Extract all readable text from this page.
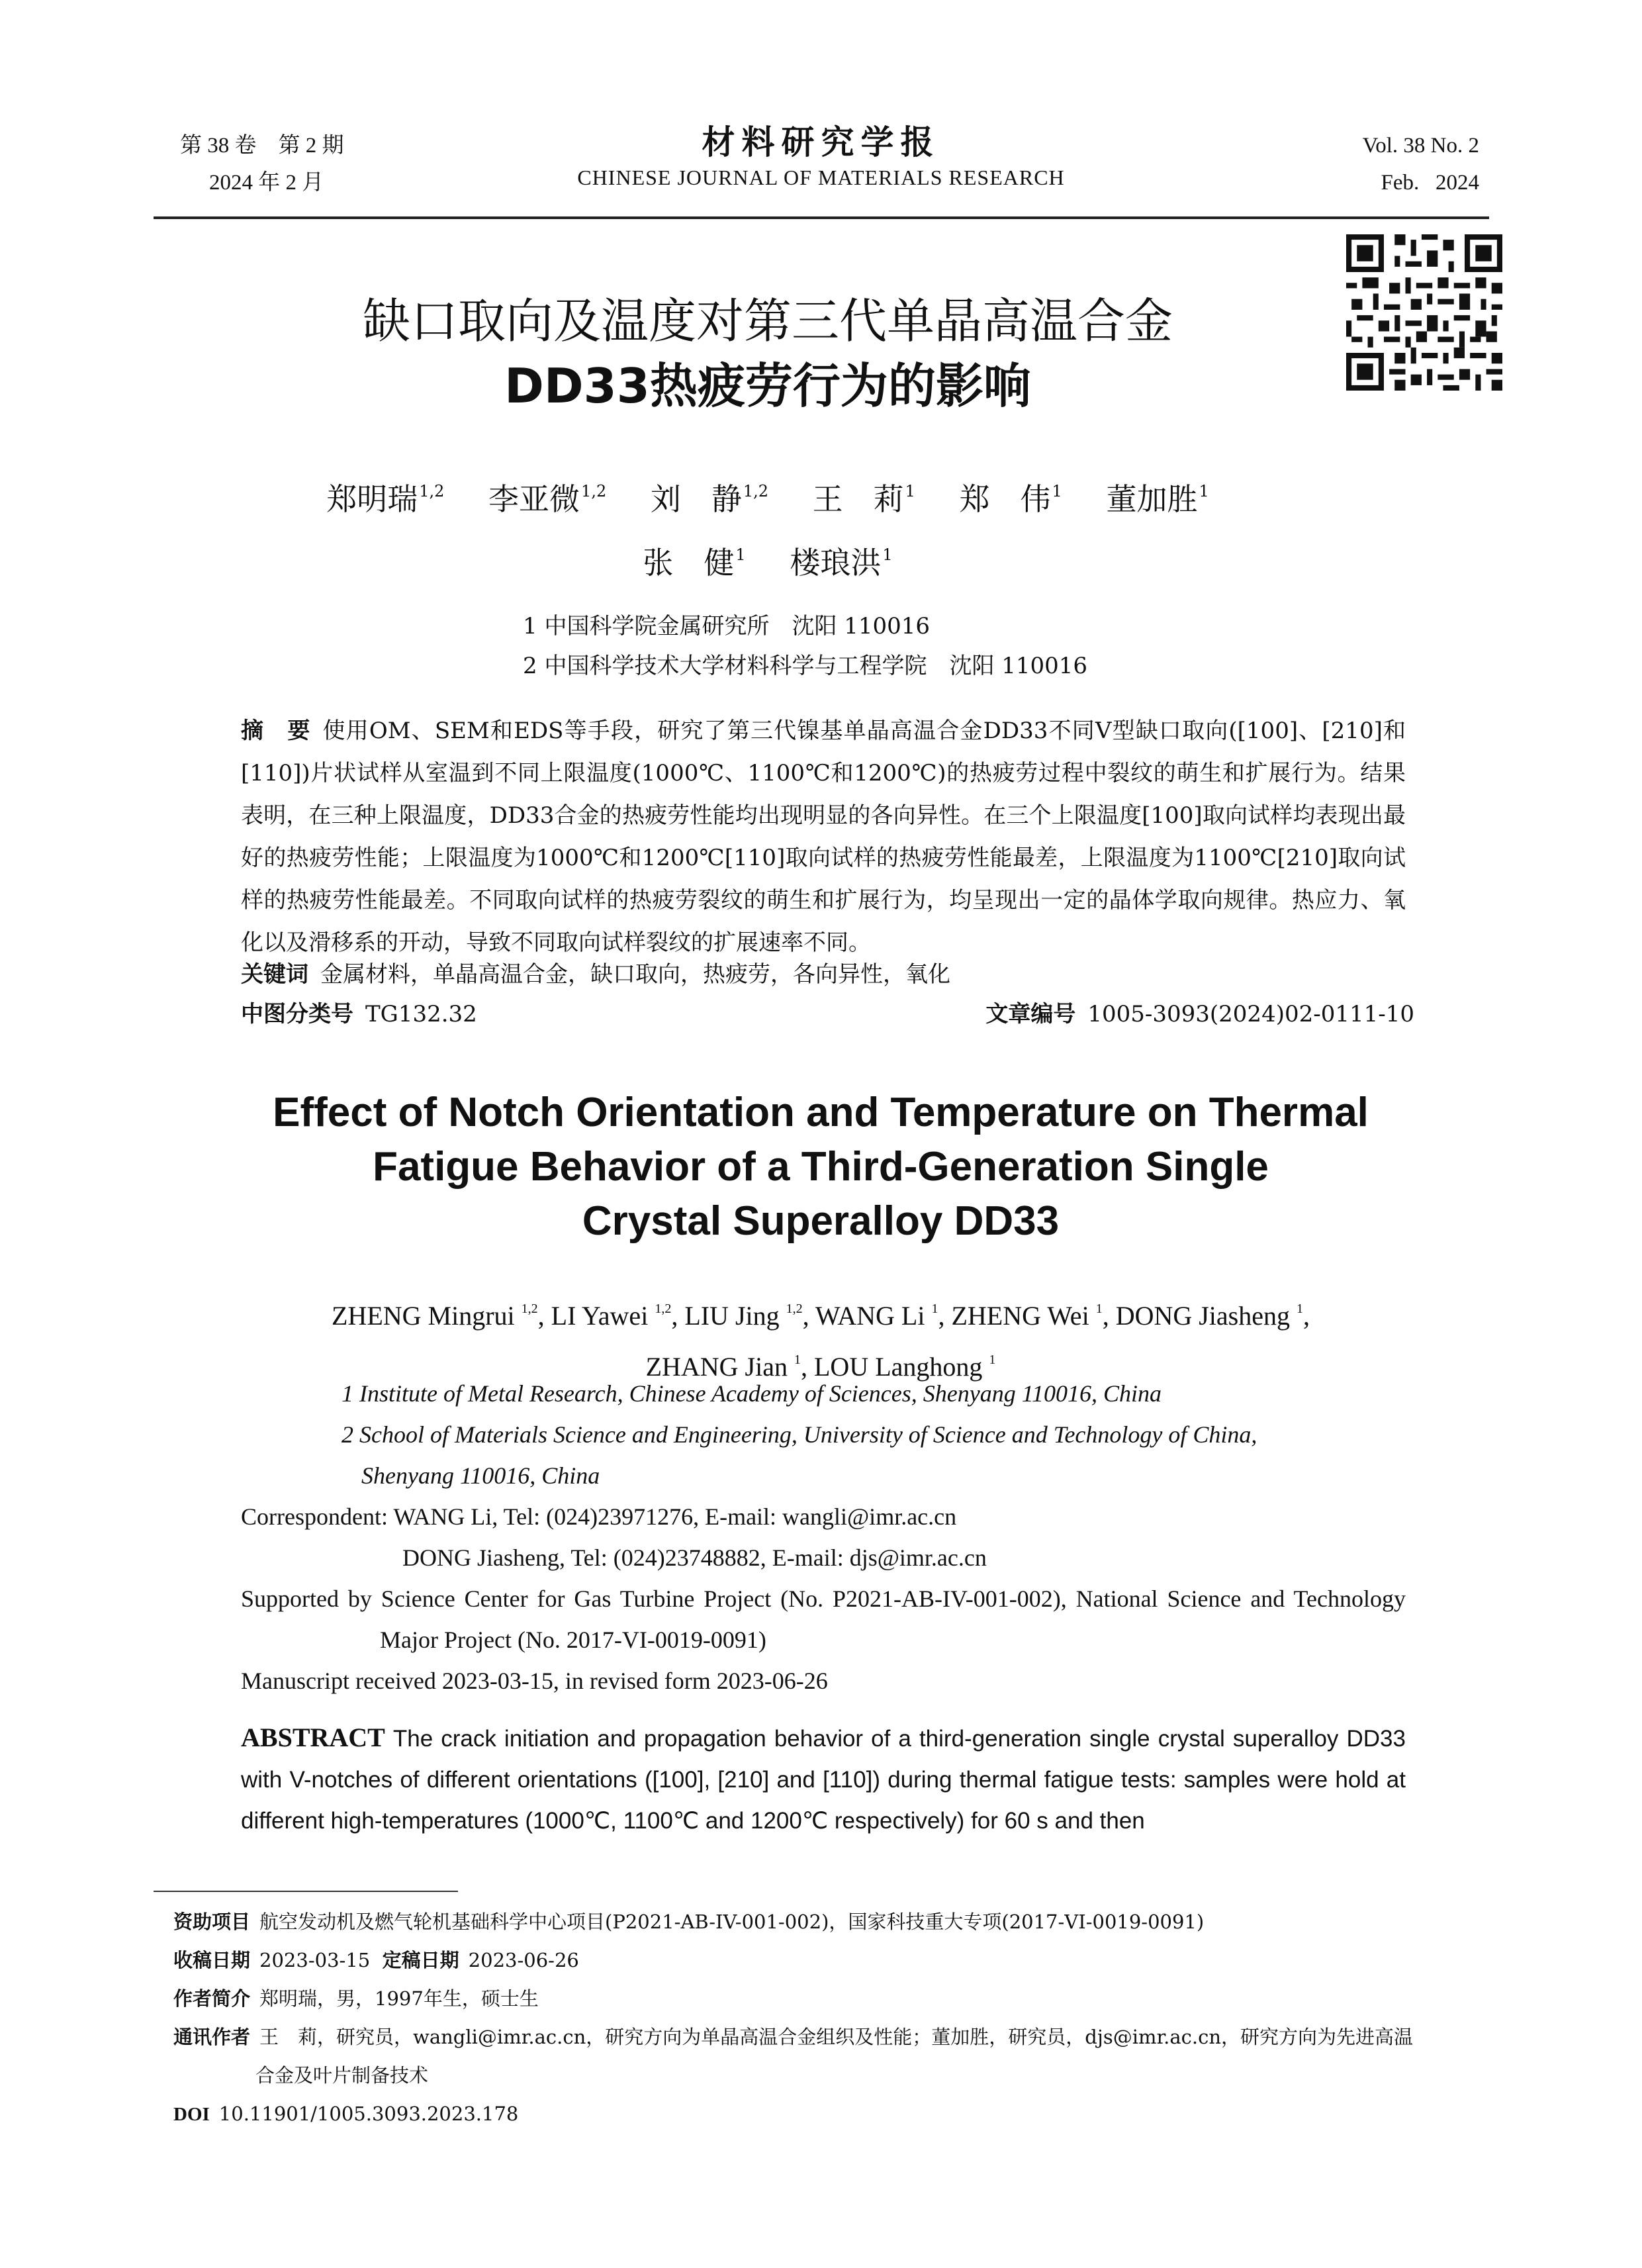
第 38 卷　第 2 期
2024 年 2 月
材料研究学报
CHINESE JOURNAL OF MATERIALS RESEARCH
Vol. 38 No. 2
Feb.   2024
缺口取向及温度对第三代单晶高温合金
DD33热疲劳行为的影响
郑明瑞$^{1,2}$ 李亚微$^{1,2}$ 刘　静$^{1,2}$ 王　莉$^1$ 郑　伟$^1$ 董加胜$^1$
张　健$^1$ 楼琅洪$^1$
1 中国科学院金属研究所　沈阳 110016
2 中国科学技术大学材料科学与工程学院　沈阳 110016
摘　要 使用OM、SEM和EDS等手段，研究了第三代镍基单晶高温合金DD33不同V型缺口取向([100]、[210]和[110])片状试样从室温到不同上限温度(1000℃、1100℃和1200℃)的热疲劳过程中裂纹的萌生和扩展行为。结果表明，在三种上限温度，DD33合金的热疲劳性能均出现明显的各向异性。在三个上限温度[100]取向试样均表现出最好的热疲劳性能；上限温度为1000℃和1200℃[110]取向试样的热疲劳性能最差，上限温度为1100℃[210]取向试样的热疲劳性能最差。不同取向试样的热疲劳裂纹的萌生和扩展行为，均呈现出一定的晶体学取向规律。热应力、氧化以及滑移系的开动，导致不同取向试样裂纹的扩展速率不同。
关键词 金属材料，单晶高温合金，缺口取向，热疲劳，各向异性，氧化
中图分类号 TG132.32	文章编号 1005-3093(2024)02-0111-10
Effect of Notch Orientation and Temperature on Thermal
Fatigue Behavior of a Third-Generation Single
Crystal Superalloy DD33
ZHENG Mingrui $^{1,2}$, LI Yawei $^{1,2}$, LIU Jing $^{1,2}$, WANG Li $^1$, ZHENG Wei $^1$, DONG Jiasheng $^1$,
ZHANG Jian $^1$, LOU Langhong $^1$
1 Institute of Metal Research, Chinese Academy of Sciences, Shenyang 110016, China
2 School of Materials Science and Engineering, University of Science and Technology of China,
Shenyang 110016, China
Correspondent: WANG Li, Tel: (024)23971276, E-mail: wangli@imr.ac.cn
DONG Jiasheng, Tel: (024)23748882, E-mail: djs@imr.ac.cn
Supported by Science Center for Gas Turbine Project (No. P2021-AB-IV-001-002), National Science and Technology Major Project (No. 2017-VI-0019-0091)
Manuscript received 2023-03-15, in revised form 2023-06-26
ABSTRACT The crack initiation and propagation behavior of a third-generation single crystal superalloy DD33 with V-notches of different orientations ([100], [210] and [110]) during thermal fatigue tests: samples were hold at different high-temperatures (1000℃, 1100℃ and 1200℃ respectively) for 60 s and then
资助项目 航空发动机及燃气轮机基础科学中心项目(P2021-AB-IV-001-002)，国家科技重大专项(2017-VI-0019-0091)
收稿日期 2023-03-15 定稿日期 2023-06-26
作者简介 郑明瑞，男，1997年生，硕士生
通讯作者 王　莉，研究员，wangli@imr.ac.cn，研究方向为单晶高温合金组织及性能；董加胜，研究员，djs@imr.ac.cn，研究方向为先进高温合金及叶片制备技术
DOI 10.11901/1005.3093.2023.178
